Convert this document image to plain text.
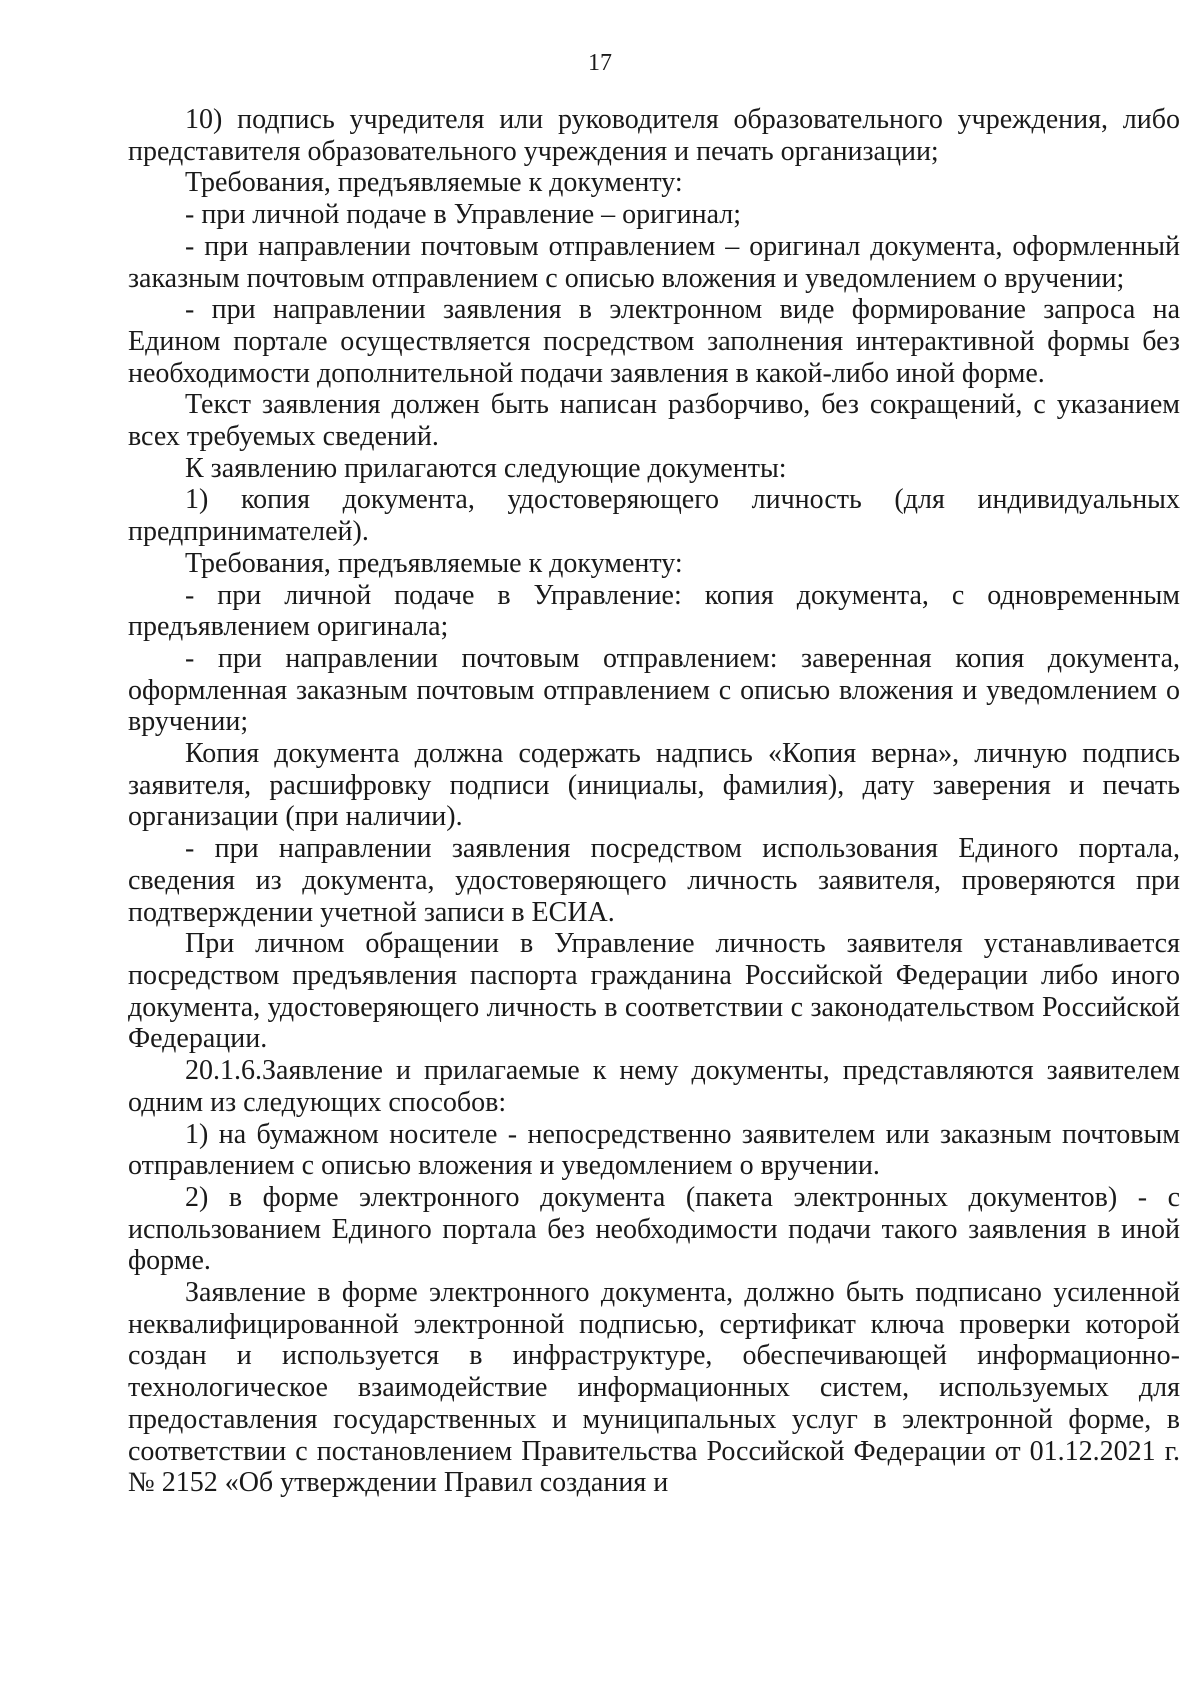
17

10) подпись учредителя или руководителя образовательного учреждения, либо представителя образовательного учреждения и печать организации;

Требования, предъявляемые к документу:

- при личной подаче в Управление – оригинал;

- при направлении почтовым отправлением – оригинал документа, оформленный заказным почтовым отправлением с описью вложения и уведомлением о вручении;

- при направлении заявления в электронном виде формирование запроса на Едином портале осуществляется посредством заполнения интерактивной формы без необходимости дополнительной подачи заявления в какой-либо иной форме.

Текст заявления должен быть написан разборчиво, без сокращений, с указанием всех требуемых сведений.

К заявлению прилагаются следующие документы:

1) копия документа, удостоверяющего личность (для индивидуальных предпринимателей).

Требования, предъявляемые к документу:

- при личной подаче в Управление: копия документа, с одновременным предъявлением оригинала;

- при направлении почтовым отправлением: заверенная копия документа, оформленная заказным почтовым отправлением с описью вложения и уведомлением о вручении;

Копия документа должна содержать надпись «Копия верна», личную подпись заявителя, расшифровку подписи (инициалы, фамилия), дату заверения и печать организации (при наличии).

- при направлении заявления посредством использования Единого портала, сведения из документа, удостоверяющего личность заявителя, проверяются при подтверждении учетной записи в ЕСИА.

При личном обращении в Управление личность заявителя устанавливается посредством предъявления паспорта гражданина Российской Федерации либо иного документа, удостоверяющего личность в соответствии с законодательством Российской Федерации.

20.1.6.Заявление и прилагаемые к нему документы, представляются заявителем одним из следующих способов:

1) на бумажном носителе - непосредственно заявителем или заказным почтовым отправлением с описью вложения и уведомлением о вручении.

2) в форме электронного документа (пакета электронных документов) - с использованием Единого портала без необходимости подачи такого заявления в иной форме.

Заявление в форме электронного документа, должно быть подписано усиленной неквалифицированной электронной подписью, сертификат ключа проверки которой создан и используется в инфраструктуре, обеспечивающей информационно-технологическое взаимодействие информационных систем, используемых для предоставления государственных и муниципальных услуг в электронной форме, в соответствии с постановлением Правительства Российской Федерации от 01.12.2021 г. № 2152 «Об утверждении Правил создания и
